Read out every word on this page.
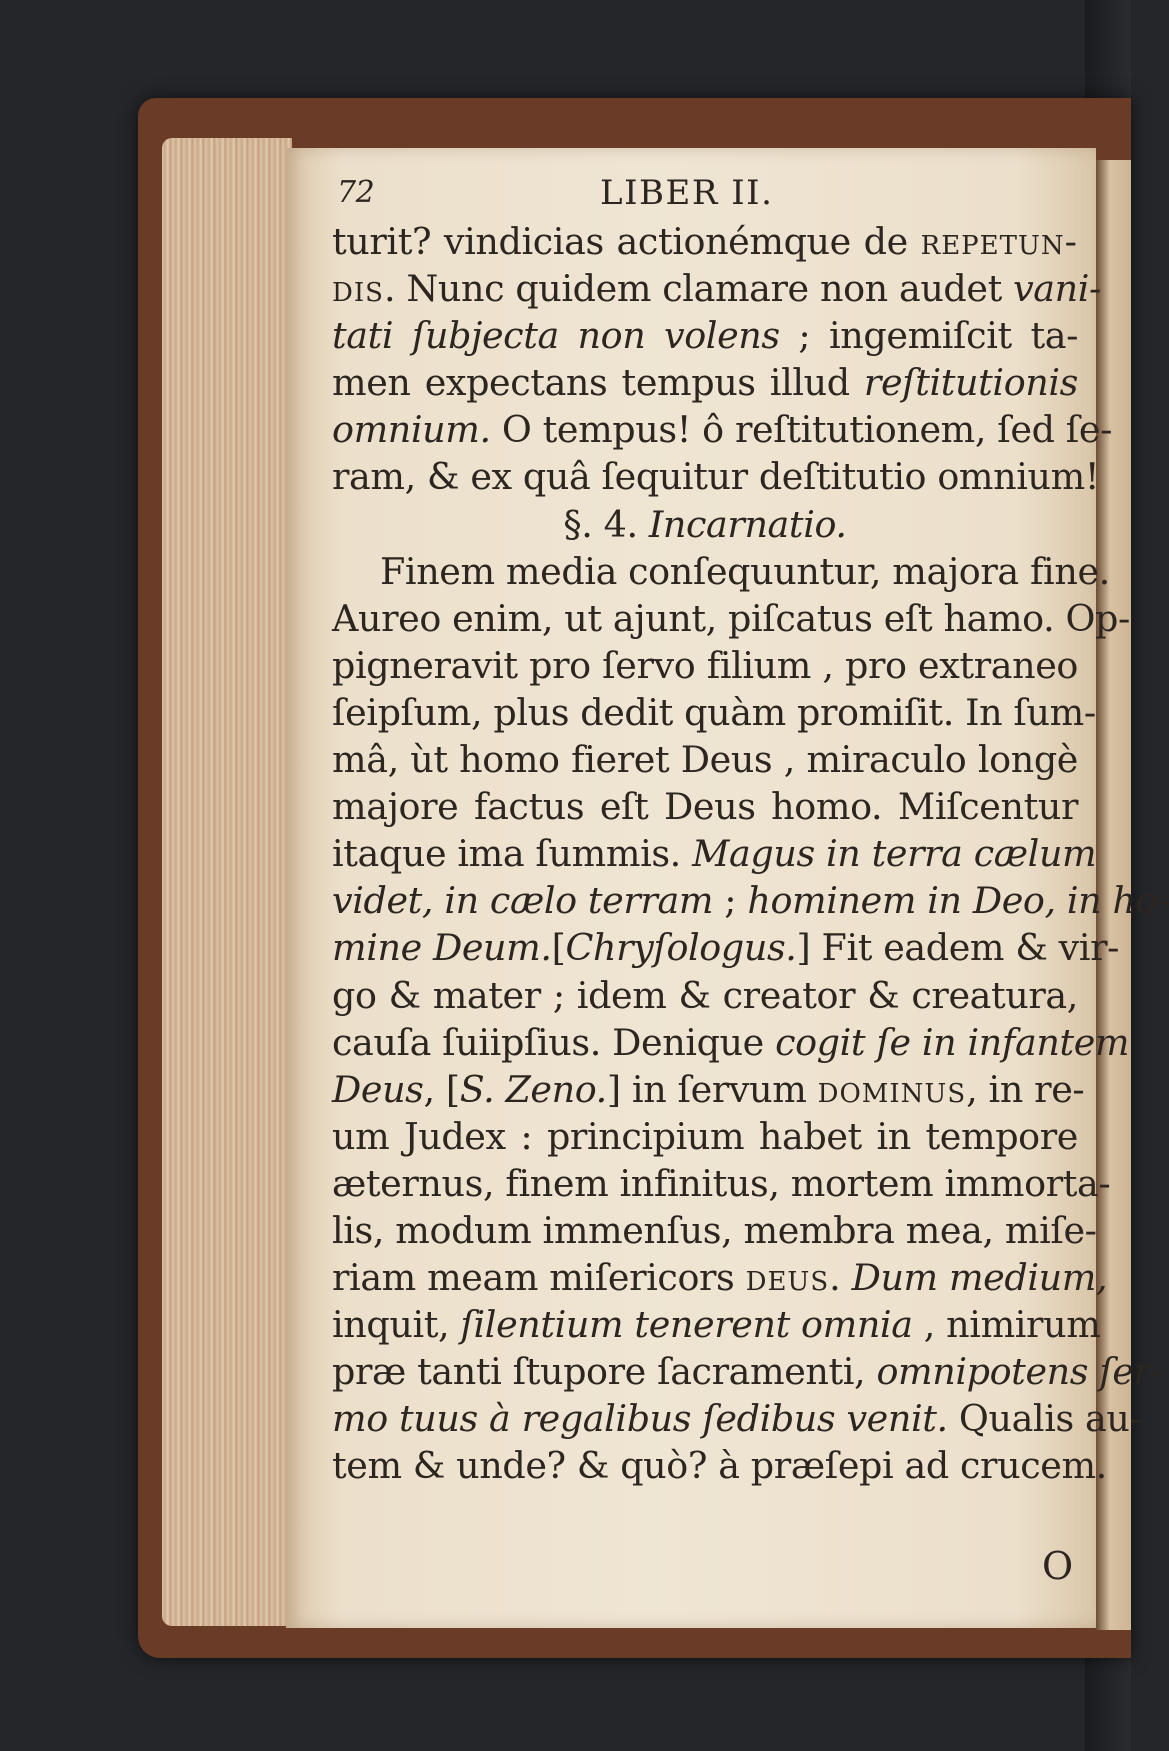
72	LIBER II.
turit? vindicias actionémque de repetun-
dis. Nunc quidem clamare non audet vani-
tati ſubjecta non volens ; ingemiſcit ta-
men expectans tempus illud reſtitutionis
omnium. O tempus! ô reſtitutionem, ſed ſe-
ram, & ex quâ ſequitur deſtitutio omnium!
§. 4. Incarnatio.
Finem media conſequuntur, majora fine.
Aureo enim, ut ajunt, piſcatus eſt hamo. Op-
pigneravit pro ſervo filium , pro extraneo
ſeipſum, plus dedit quàm promiſit. In ſum-
mâ, ùt homo fieret Deus , miraculo longè
majore factus eſt Deus homo. Miſcentur
itaque ima ſummis. Magus in terra cælum
videt, in cælo terram ; hominem in Deo, in ho-
mine Deum.[Chryſologus.] Fit eadem & vir-
go & mater ; idem & creator & creatura,
cauſa ſuiipſius. Denique cogit ſe in infantem
Deus, [S. Zeno.] in ſervum dominus, in re-
um Judex : principium habet in tempore
æternus, finem infinitus, mortem immorta-
lis, modum immenſus, membra mea, miſe-
riam meam miſericors deus. Dum medium,
inquit, ſilentium tenerent omnia , nimirum
præ tanti ſtupore ſacramenti, omnipotens ſer-
mo tuus à regalibus ſedibus venit. Qualis au-
tem & unde? & quò? à præſepi ad crucem.
O
